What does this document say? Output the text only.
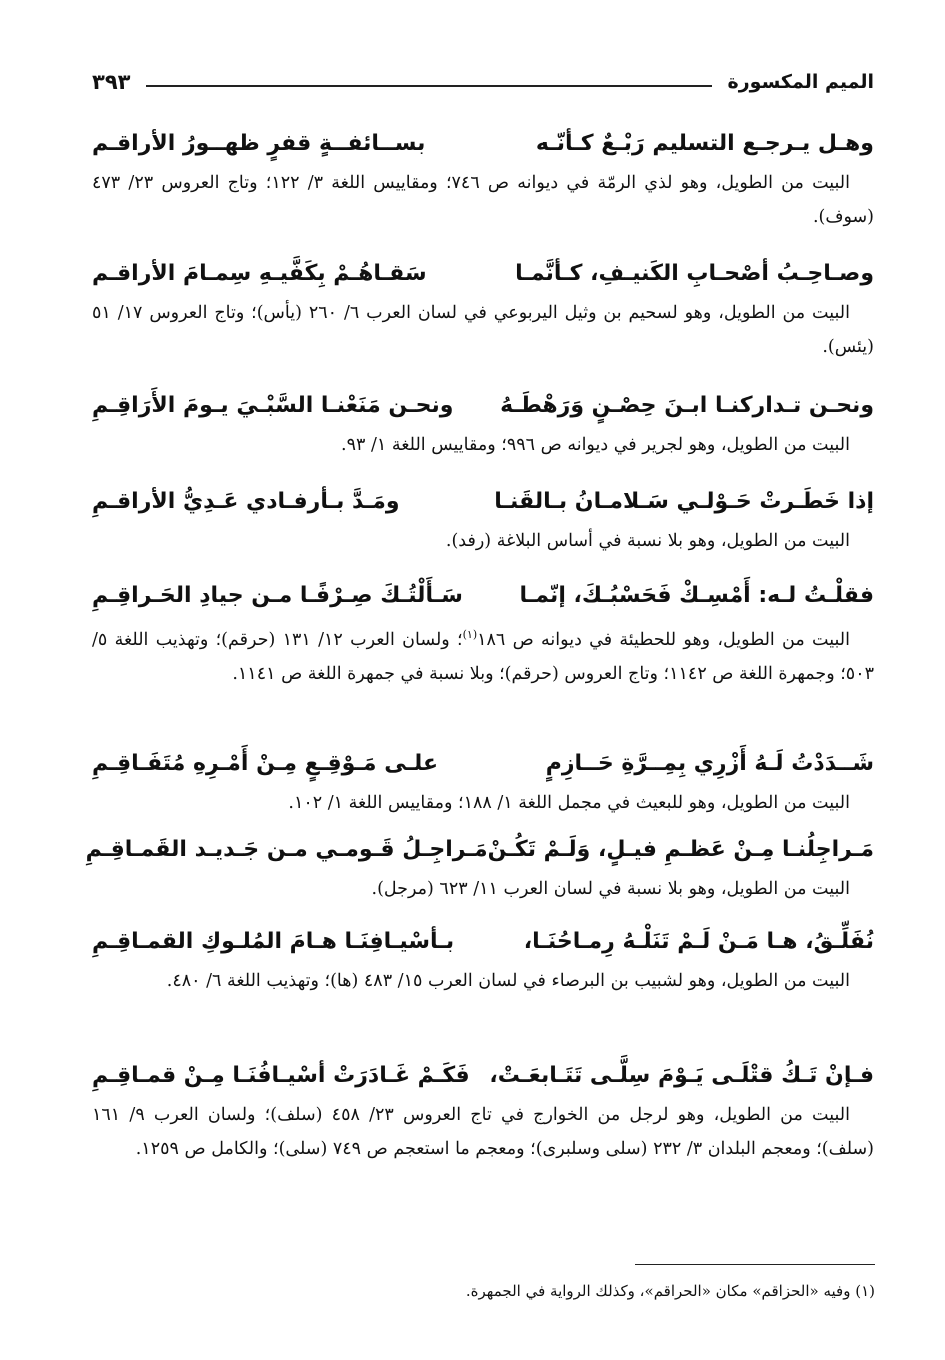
الميم المكسورة
٣٩٣
وهـل يـرجـع التسليم رَبْـعٌ كـأنّـه
بســائفــةٍ قفرٍ ظهــورُ الأراقـم

البيت من الطويل، وهو لذي الرمّة في ديوانه ص ٧٤٦؛ ومقاييس اللغة ٣/ ١٢٢؛ وتاج العروس ٢٣/ ٤٧٣ (سوف).

وصـاحِـبُ أصْحـابِ الكَنيـفِ، كـأنَّمـا
سَقـاهُـمْ بِكَفَّيـهِ سِمـامَ الأراقـم

البيت من الطويل، وهو لسحيم بن وثيل اليربوعي في لسان العرب ٦/ ٢٦٠ (يأس)؛ وتاج العروس ١٧/ ٥١ (يئس).

ونحـن تـداركنـا ابـنَ حِصْـنٍ وَرَهْطَـهُ
ونحـن مَنَعْنـا السَّبْـيَ يـومَ الأَرَاقِـمِ

البيت من الطويل، وهو لجرير في ديوانه ص ٩٩٦؛ ومقاييس اللغة ١/ ٩٣.

إذا خَطَـرتْ حَـوْلـي سَـلامـانُ بـالقَنـا
ومَـدَّ بـأرفـادي عَـدِيُّ الأراقـمِ

البيت من الطويل، وهو بلا نسبة في أساس البلاغة (رفد).

فقلْـتُ لـه: أَمْسِـكْ فَحَسْبُـكَ، إنّمـا
سَـأَلْتُـكَ صِـرْفًـا مـن جيادِ الحَـراقِـمِ

البيت من الطويل، وهو للحطيئة في ديوانه ص ١٨٦$^{(١)}$؛ ولسان العرب ١٢/ ١٣١ (حرقم)؛ وتهذيب اللغة ٥/ ٥٠٣؛ وجمهرة اللغة ص ١١٤٢؛ وتاج العروس (حرقم)؛ وبلا نسبة في جمهرة اللغة ص ١١٤١.

شَــدَدْتُ لَـهُ أَزْرِي بِمِــرَّةِ حَــازِمٍ
علـى مَـوْقِـعٍ مِـنْ أَمْـرِهِ مُتَفَـاقِـمِ

البيت من الطويل، وهو للبعيث في مجمل اللغة ١/ ١٨٨؛ ومقاييس اللغة ١/ ١٠٢.

مَـراجِلُنـا مِـنْ عَظـمِ فيـلٍ، وَلَـمْ تَكُـنْ
مَـراجِـلُ قَـومـي مـن جَـديـد القَمـاقِـمِ

البيت من الطويل، وهو بلا نسبة في لسان العرب ١١/ ٦٢٣ (مرجل).

نُفَلِّـقُ، هـا مَـنْ لَـمْ تَنَلْـهُ رِمـاحُنَـا،
بـأسْيـافِنَـا هـامَ المُلـوكِ القمـاقِـمِ

البيت من الطويل، وهو لشبيب بن البرصاء في لسان العرب ١٥/ ٤٨٣ (ها)؛ وتهذيب اللغة ٦/ ٤٨٠.

فـإنْ تَـكُ قتْلَـى يَـوْمَ سِلَّـى تَتَـابعَـتْ،
فَكَـمْ غَـادَرَتْ أسْيـافُنَـا مِـنْ قمـاقِـمِ

البيت من الطويل، وهو لرجل من الخوارج في تاج العروس ٢٣/ ٤٥٨ (سلف)؛ ولسان العرب ٩/ ١٦١ (سلف)؛ ومعجم البلدان ٣/ ٢٣٢ (سلى وسلبرى)؛ ومعجم ما استعجم ص ٧٤٩ (سلى)؛ والكامل ص ١٢٥٩.

(١) وفيه «الحزاقم» مكان «الحراقم»، وكذلك الرواية في الجمهرة.
